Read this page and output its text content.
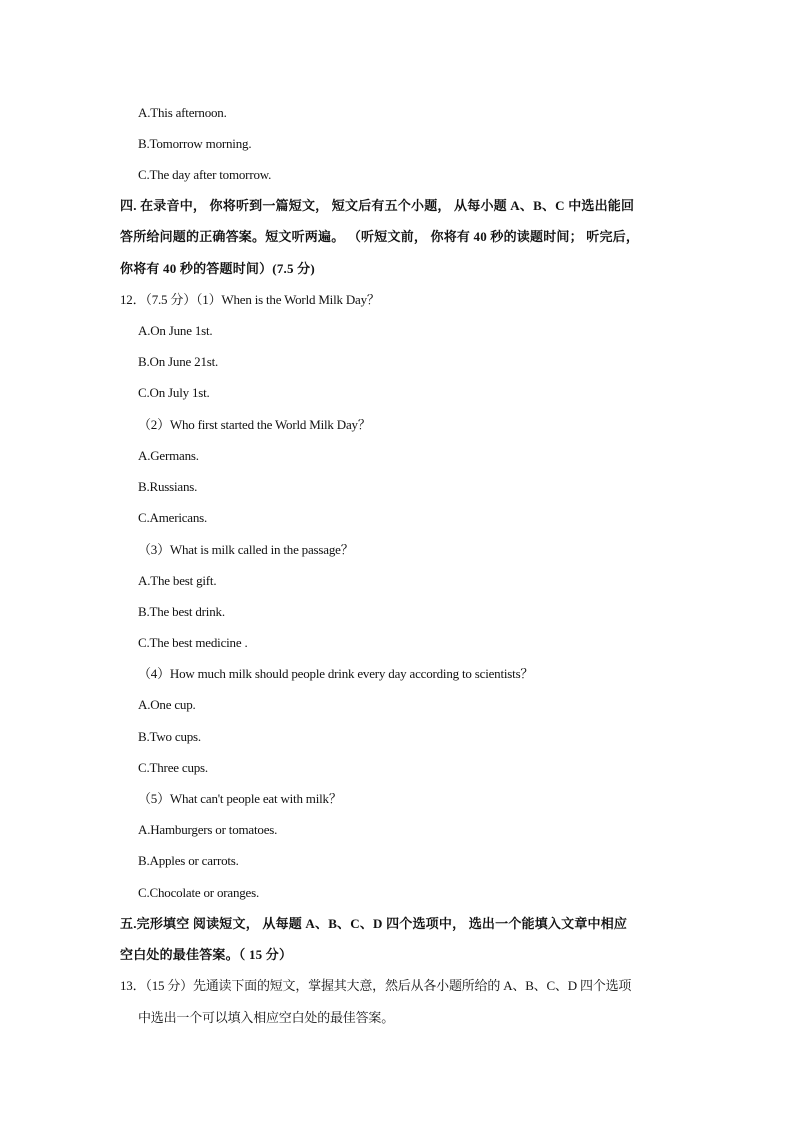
A.This afternoon.
B.Tomorrow morning.
C.The day after tomorrow.
四. 在录音中， 你将听到一篇短文， 短文后有五个小题， 从每小题 A、B、C 中选出能回
答所给问题的正确答案。短文听两遍。 （听短文前， 你将有 40 秒的读题时间； 听完后，
你将有 40 秒的答题时间）(7.5 分)
12．（7.5 分）（1）When is the World Milk Day？
A.On June 1st.
B.On June 21st.
C.On July 1st.
（2）Who first started the World Milk Day？
A.Germans.
B.Russians.
C.Americans.
（3）What is milk called in the passage？
A.The best gift.
B.The best drink.
C.The best medicine .
（4）How much milk should people drink every day according to scientists？
A.One cup.
B.Two cups.
C.Three cups.
（5）What can't people eat with milk？
A.Hamburgers or tomatoes.
B.Apples or carrots.
C.Chocolate or oranges.
五.完形填空 阅读短文， 从每题 A、B、C、D 四个选项中， 选出一个能填入文章中相应
空白处的最佳答案。（ 15 分）
13．（15 分）先通读下面的短文，掌握其大意，然后从各小题所给的 A、B、C、D 四个选项
中选出一个可以填入相应空白处的最佳答案。
